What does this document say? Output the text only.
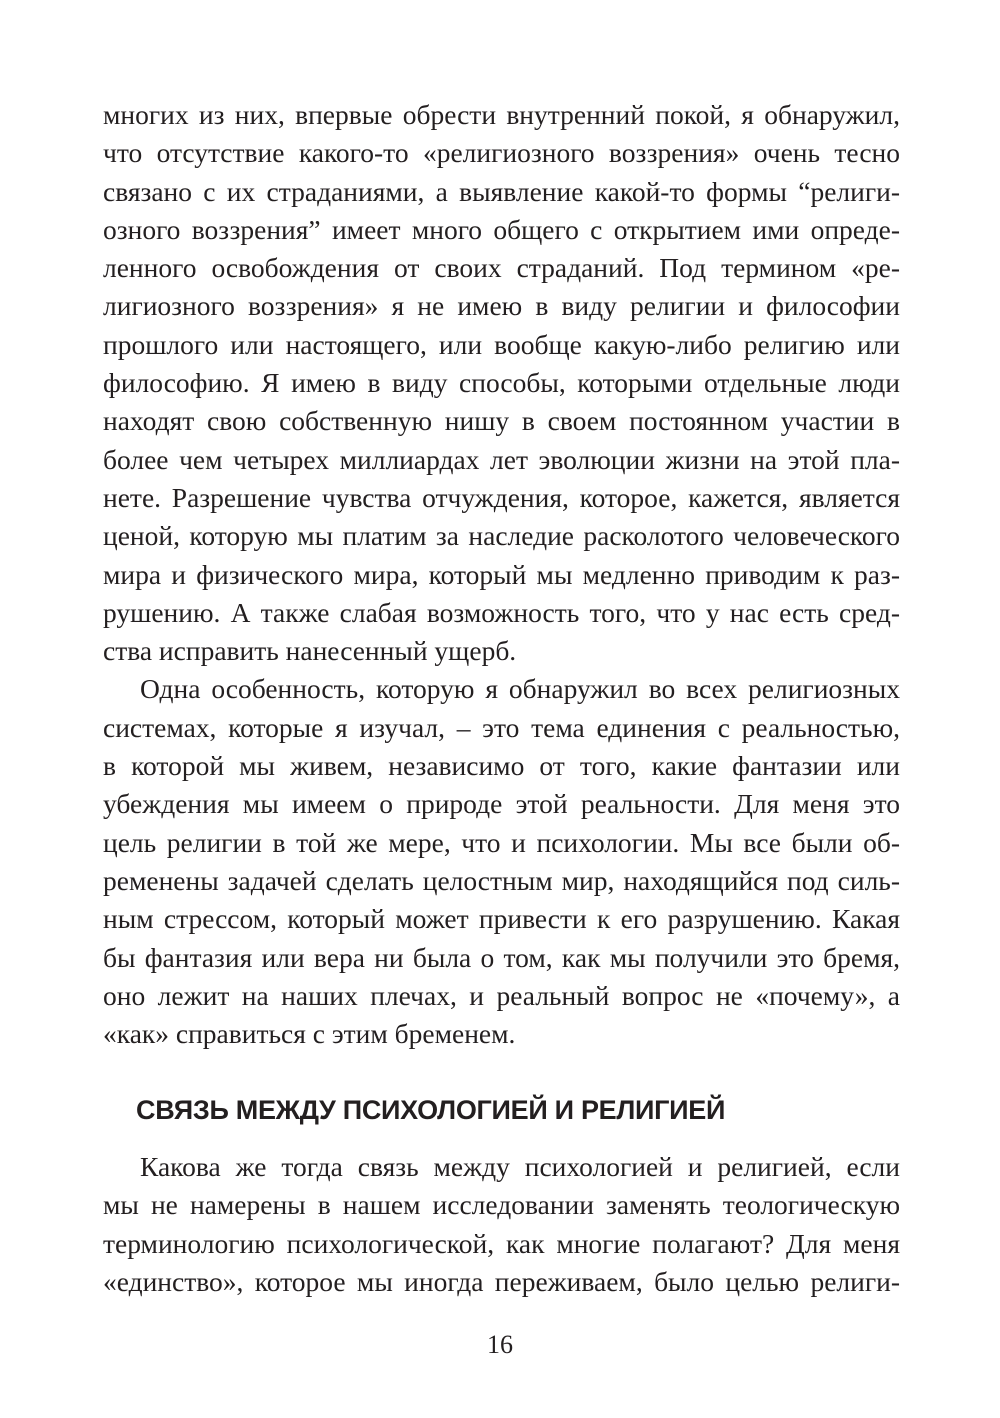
многих из них, впервые обрести внутренний покой, я обнаружил,
что отсутствие какого-то «религиозного воззрения» очень тесно
связано с их страданиями, а выявление какой-то формы “религи-
озного воззрения” имеет много общего с открытием ими опреде-
ленного освобождения от своих страданий. Под термином «ре-
лигиозного воззрения» я не имею в виду религии и философии
прошлого или настоящего, или вообще какую-либо религию или
философию. Я имею в виду способы, которыми отдельные люди
находят свою собственную нишу в своем постоянном участии в
более чем четырех миллиардах лет эволюции жизни на этой пла-
нете. Разрешение чувства отчуждения, которое, кажется, является
ценой, которую мы платим за наследие расколотого человеческого
мира и физического мира, который мы медленно приводим к раз-
рушению. А также слабая возможность того, что у нас есть сред-
ства исправить нанесенный ущерб.
Одна особенность, которую я обнаружил во всех религиозных
системах, которые я изучал, – это тема единения с реальностью,
в которой мы живем, независимо от того, какие фантазии или
убеждения мы имеем о природе этой реальности. Для меня это
цель религии в той же мере, что и психологии. Мы все были об-
ременены задачей сделать целостным мир, находящийся под силь-
ным стрессом, который может привести к его разрушению. Какая
бы фантазия или вера ни была о том, как мы получили это бремя,
оно лежит на наших плечах, и реальный вопрос не «почему», а
«как» справиться с этим бременем.
СВЯЗЬ МЕЖДУ ПСИХОЛОГИЕЙ И РЕЛИГИЕЙ
Какова же тогда связь между психологией и религией, если
мы не намерены в нашем исследовании заменять теологическую
терминологию психологической, как многие полагают? Для меня
«единство», которое мы иногда переживаем, было целью религи-
16
